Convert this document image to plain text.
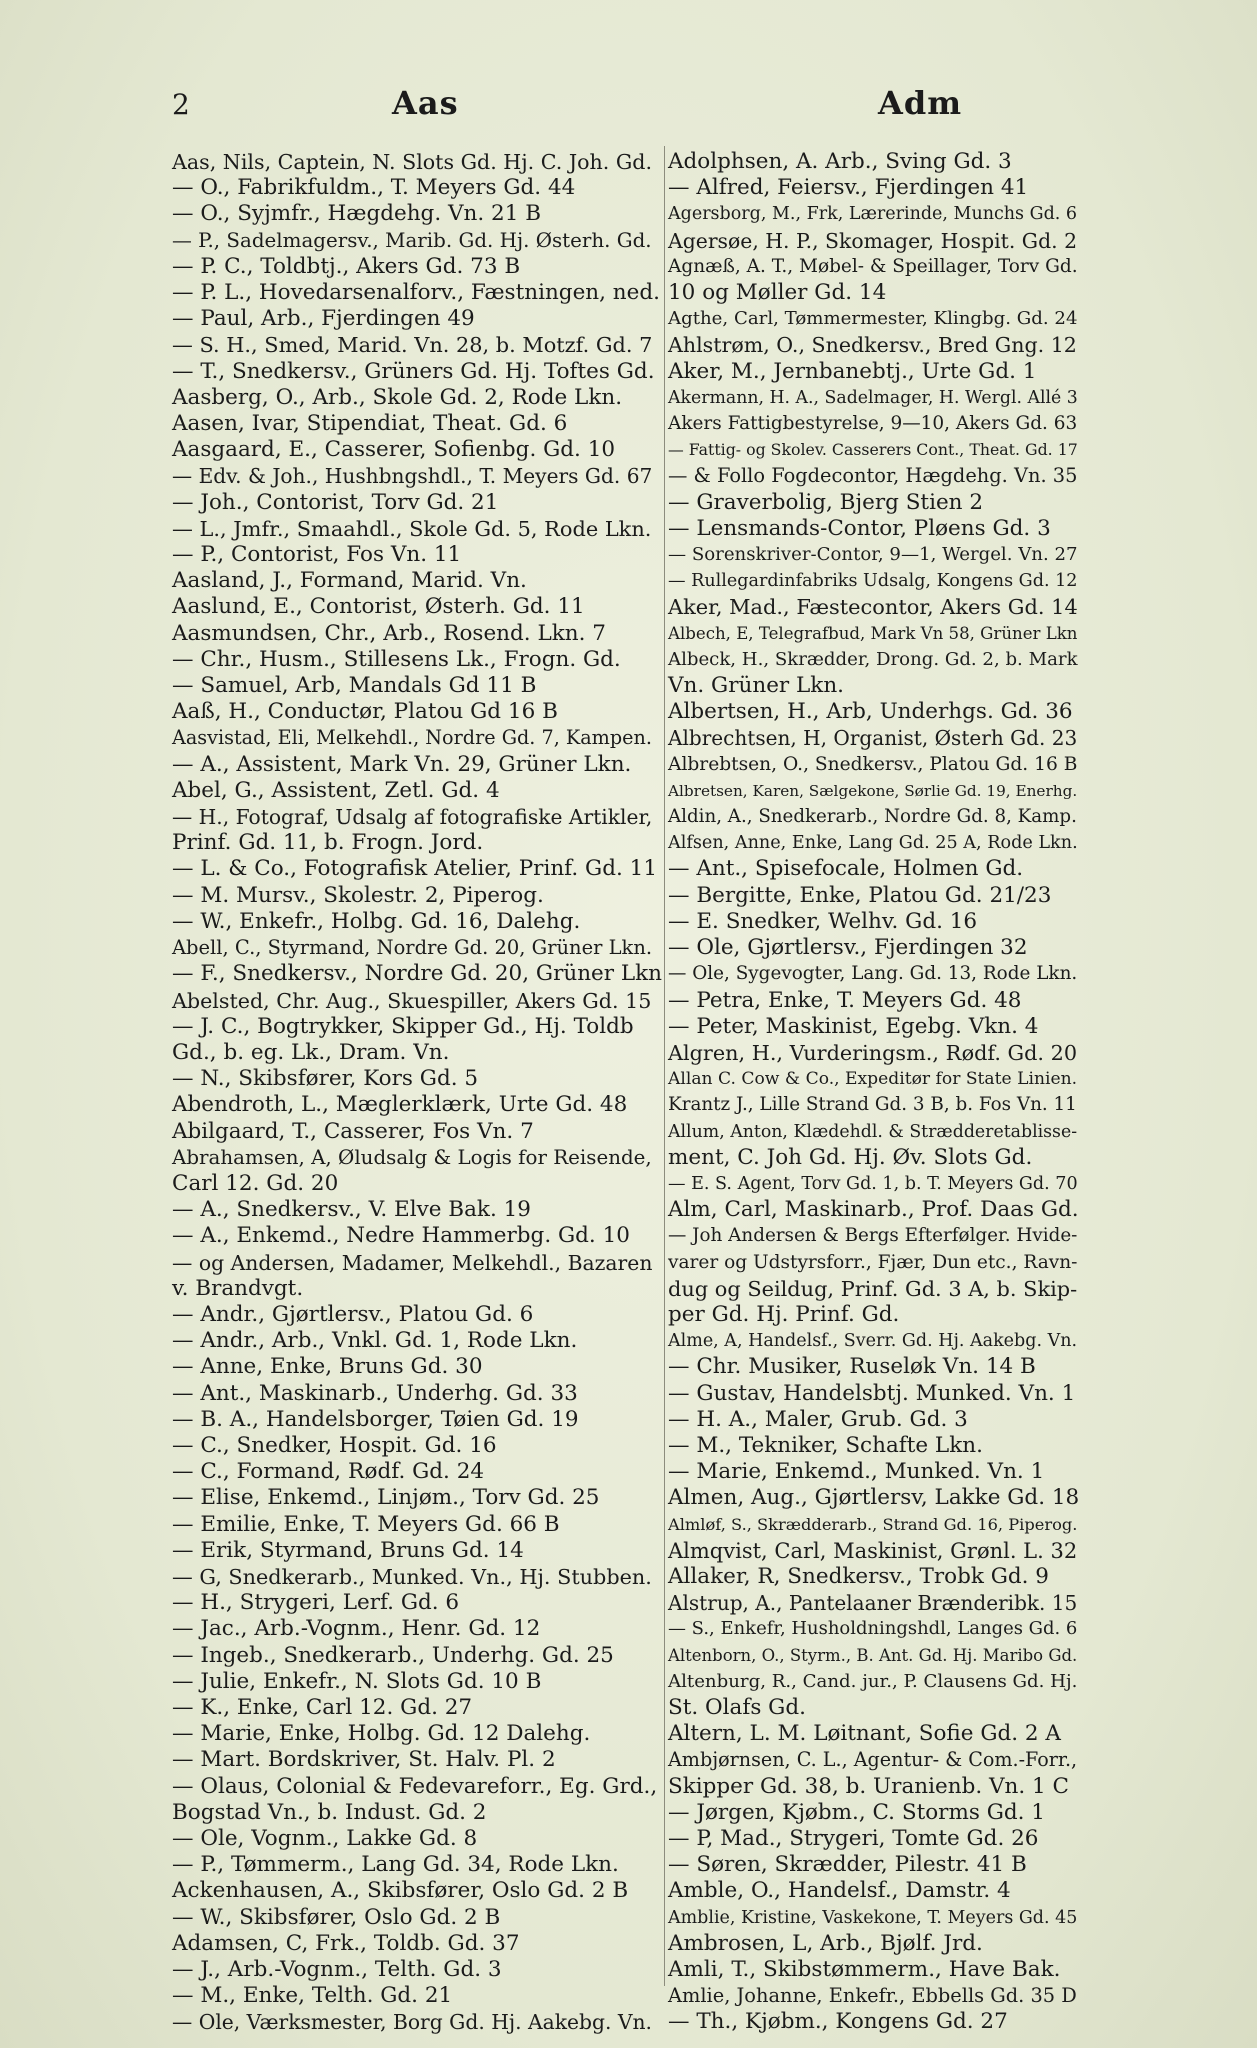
2	Aas	Adm
Aas, Nils, Captein, N. Slots Gd. Hj. C. Joh. Gd.
— O., Fabrikfuldm., T. Meyers Gd. 44
— O., Syjmfr., Hægdehg. Vn. 21 B
— P., Sadelmagersv., Marib. Gd. Hj. Østerh. Gd.
— P. C., Toldbtj., Akers Gd. 73 B
— P. L., Hovedarsenalforv., Fæstningen, ned.
— Paul, Arb., Fjerdingen 49
— S. H., Smed, Marid. Vn. 28, b. Motzf. Gd. 7
— T., Snedkersv., Grüners Gd. Hj. Toftes Gd.
Aasberg, O., Arb., Skole Gd. 2, Rode Lkn.
Aasen, Ivar, Stipendiat, Theat. Gd. 6
Aasgaard, E., Casserer, Sofienbg. Gd. 10
— Edv. & Joh., Hushbngshdl., T. Meyers Gd. 67
— Joh., Contorist, Torv Gd. 21
— L., Jmfr., Smaahdl., Skole Gd. 5, Rode Lkn.
— P., Contorist, Fos Vn. 11
Aasland, J., Formand, Marid. Vn.
Aaslund, E., Contorist, Østerh. Gd. 11
Aasmundsen, Chr., Arb., Rosend. Lkn. 7
— Chr., Husm., Stillesens Lk., Frogn. Gd.
— Samuel, Arb, Mandals Gd 11 B
Aaß, H., Conductør, Platou Gd 16 B
Aasvistad, Eli, Melkehdl., Nordre Gd. 7, Kampen.
— A., Assistent, Mark Vn. 29, Grüner Lkn.
Abel, G., Assistent, Zetl. Gd. 4
— H., Fotograf, Udsalg af fotografiske Artikler,
Prinf. Gd. 11, b. Frogn. Jord.
— L. & Co., Fotografisk Atelier, Prinf. Gd. 11
— M. Mursv., Skolestr. 2, Piperog.
— W., Enkefr., Holbg. Gd. 16, Dalehg.
Abell, C., Styrmand, Nordre Gd. 20, Grüner Lkn.
— F., Snedkersv., Nordre Gd. 20, Grüner Lkn
Abelsted, Chr. Aug., Skuespiller, Akers Gd. 15
— J. C., Bogtrykker, Skipper Gd., Hj. Toldb
Gd., b. eg. Lk., Dram. Vn.
— N., Skibsfører, Kors Gd. 5
Abendroth, L., Mæglerklærk, Urte Gd. 48
Abilgaard, T., Casserer, Fos Vn. 7
Abrahamsen, A, Øludsalg & Logis for Reisende,
Carl 12. Gd. 20
— A., Snedkersv., V. Elve Bak. 19
— A., Enkemd., Nedre Hammerbg. Gd. 10
— og Andersen, Madamer, Melkehdl., Bazaren
v. Brandvgt.
— Andr., Gjørtlersv., Platou Gd. 6
— Andr., Arb., Vnkl. Gd. 1, Rode Lkn.
— Anne, Enke, Bruns Gd. 30
— Ant., Maskinarb., Underhg. Gd. 33
— B. A., Handelsborger, Tøien Gd. 19
— C., Snedker, Hospit. Gd. 16
— C., Formand, Rødf. Gd. 24
— Elise, Enkemd., Linjøm., Torv Gd. 25
— Emilie, Enke, T. Meyers Gd. 66 B
— Erik, Styrmand, Bruns Gd. 14
— G, Snedkerarb., Munked. Vn., Hj. Stubben.
— H., Strygeri, Lerf. Gd. 6
— Jac., Arb.-Vognm., Henr. Gd. 12
— Ingeb., Snedkerarb., Underhg. Gd. 25
— Julie, Enkefr., N. Slots Gd. 10 B
— K., Enke, Carl 12. Gd. 27
— Marie, Enke, Holbg. Gd. 12 Dalehg.
— Mart. Bordskriver, St. Halv. Pl. 2
— Olaus, Colonial & Fedevareforr., Eg. Grd.,
Bogstad Vn., b. Indust. Gd. 2
— Ole, Vognm., Lakke Gd. 8
— P., Tømmerm., Lang Gd. 34, Rode Lkn.
Ackenhausen, A., Skibsfører, Oslo Gd. 2 B
— W., Skibsfører, Oslo Gd. 2 B
Adamsen, C, Frk., Toldb. Gd. 37
— J., Arb.-Vognm., Telth. Gd. 3
— M., Enke, Telth. Gd. 21
— Ole, Værksmester, Borg Gd. Hj. Aakebg. Vn.
Adolphsen, A. Arb., Sving Gd. 3
— Alfred, Feiersv., Fjerdingen 41
Agersborg, M., Frk, Lærerinde, Munchs Gd. 6
Agersøe, H. P., Skomager, Hospit. Gd. 2
Agnæß, A. T., Møbel- & Speillager, Torv Gd.
10 og Møller Gd. 14
Agthe, Carl, Tømmermester, Klingbg. Gd. 24
Ahlstrøm, O., Snedkersv., Bred Gng. 12
Aker, M., Jernbanebtj., Urte Gd. 1
Akermann, H. A., Sadelmager, H. Wergl. Allé 3
Akers Fattigbestyrelse, 9—10, Akers Gd. 63
— Fattig- og Skolev. Casserers Cont., Theat. Gd. 17
— & Follo Fogdecontor, Hægdehg. Vn. 35
— Graverbolig, Bjerg Stien 2
— Lensmands-Contor, Pløens Gd. 3
— Sorenskriver-Contor, 9—1, Wergel. Vn. 27
— Rullegardinfabriks Udsalg, Kongens Gd. 12
Aker, Mad., Fæstecontor, Akers Gd. 14
Albech, E, Telegrafbud, Mark Vn 58, Grüner Lkn
Albeck, H., Skrædder, Drong. Gd. 2, b. Mark
Vn. Grüner Lkn.
Albertsen, H., Arb, Underhgs. Gd. 36
Albrechtsen, H, Organist, Østerh Gd. 23
Albrebtsen, O., Snedkersv., Platou Gd. 16 B
Albretsen, Karen, Sælgekone, Sørlie Gd. 19, Enerhg.
Aldin, A., Snedkerarb., Nordre Gd. 8, Kamp.
Alfsen, Anne, Enke, Lang Gd. 25 A, Rode Lkn.
— Ant., Spisefocale, Holmen Gd.
— Bergitte, Enke, Platou Gd. 21/23
— E. Snedker, Welhv. Gd. 16
— Ole, Gjørtlersv., Fjerdingen 32
— Ole, Sygevogter, Lang. Gd. 13, Rode Lkn.
— Petra, Enke, T. Meyers Gd. 48
— Peter, Maskinist, Egebg. Vkn. 4
Algren, H., Vurderingsm., Rødf. Gd. 20
Allan C. Cow & Co., Expeditør for State Linien.
Krantz J., Lille Strand Gd. 3 B, b. Fos Vn. 11
Allum, Anton, Klædehdl. & Strædderetablisse-
ment, C. Joh Gd. Hj. Øv. Slots Gd.
— E. S. Agent, Torv Gd. 1, b. T. Meyers Gd. 70
Alm, Carl, Maskinarb., Prof. Daas Gd.
— Joh Andersen & Bergs Efterfølger. Hvide-
varer og Udstyrsforr., Fjær, Dun etc., Ravn-
dug og Seildug, Prinf. Gd. 3 A, b. Skip-
per Gd. Hj. Prinf. Gd.
Alme, A, Handelsf., Sverr. Gd. Hj. Aakebg. Vn.
— Chr. Musiker, Ruseløk Vn. 14 B
— Gustav, Handelsbtj. Munked. Vn. 1
— H. A., Maler, Grub. Gd. 3
— M., Tekniker, Schafte Lkn.
— Marie, Enkemd., Munked. Vn. 1
Almen, Aug., Gjørtlersv, Lakke Gd. 18
Almløf, S., Skrædderarb., Strand Gd. 16, Piperog.
Almqvist, Carl, Maskinist, Grønl. L. 32
Allaker, R, Snedkersv., Trobk Gd. 9
Alstrup, A., Pantelaaner Brænderibk. 15
— S., Enkefr, Husholdningshdl, Langes Gd. 6
Altenborn, O., Styrm., B. Ant. Gd. Hj. Maribo Gd.
Altenburg, R., Cand. jur., P. Clausens Gd. Hj.
St. Olafs Gd.
Altern, L. M. Løitnant, Sofie Gd. 2 A
Ambjørnsen, C. L., Agentur- & Com.-Forr.,
Skipper Gd. 38, b. Uranienb. Vn. 1 C
— Jørgen, Kjøbm., C. Storms Gd. 1
— P, Mad., Strygeri, Tomte Gd. 26
— Søren, Skrædder, Pilestr. 41 B
Amble, O., Handelsf., Damstr. 4
Amblie, Kristine, Vaskekone, T. Meyers Gd. 45
Ambrosen, L, Arb., Bjølf. Jrd.
Amli, T., Skibstømmerm., Have Bak.
Amlie, Johanne, Enkefr., Ebbells Gd. 35 D
— Th., Kjøbm., Kongens Gd. 27
